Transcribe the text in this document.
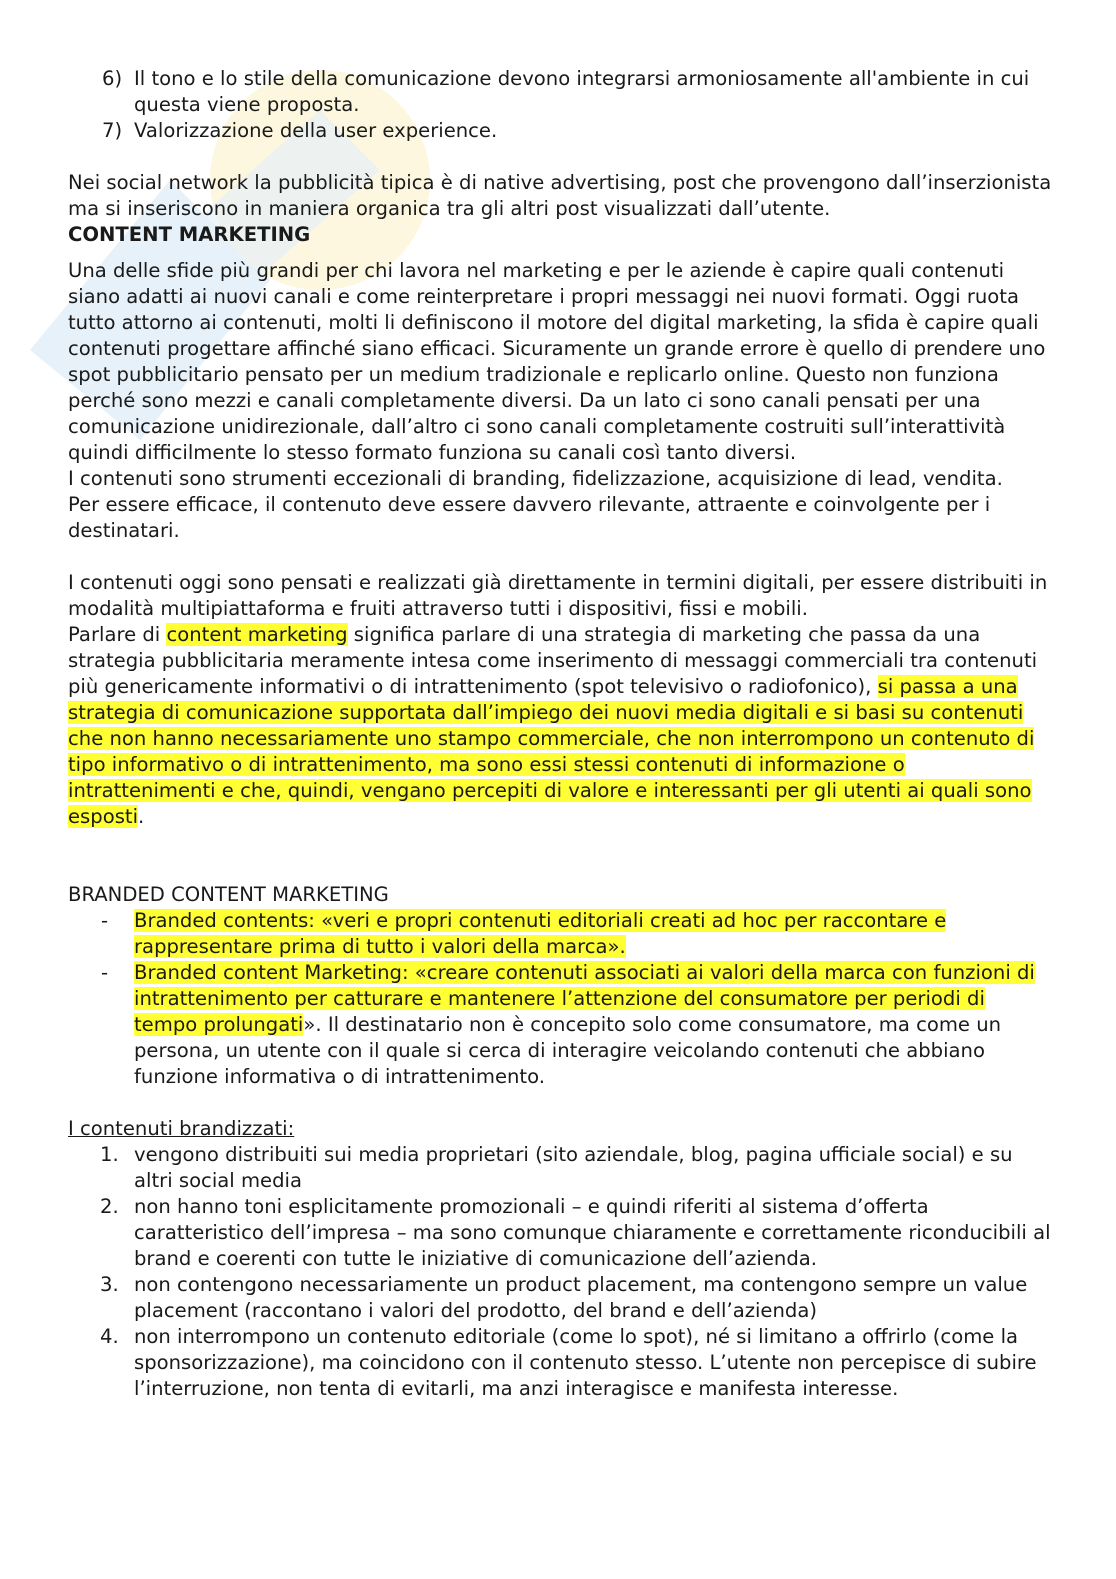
6) Il tono e lo stile della comunicazione devono integrarsi armoniosamente all'ambiente in cui questa viene proposta.
7) Valorizzazione della user experience.

Nei social network la pubblicità tipica è di native advertising, post che provengono dall’inserzionista ma si inseriscono in maniera organica tra gli altri post visualizzati dall’utente.

CONTENT MARKETING

Una delle sfide più grandi per chi lavora nel marketing e per le aziende è capire quali contenuti siano adatti ai nuovi canali e come reinterpretare i propri messaggi nei nuovi formati. Oggi ruota tutto attorno ai contenuti, molti li definiscono il motore del digital marketing, la sfida è capire quali contenuti progettare affinché siano efficaci. Sicuramente un grande errore è quello di prendere uno spot pubblicitario pensato per un medium tradizionale e replicarlo online. Questo non funziona perché sono mezzi e canali completamente diversi. Da un lato ci sono canali pensati per una comunicazione unidirezionale, dall’altro ci sono canali completamente costruiti sull’interattività quindi difficilmente lo stesso formato funziona su canali così tanto diversi.

I contenuti sono strumenti eccezionali di branding, fidelizzazione, acquisizione di lead, vendita.

Per essere efficace, il contenuto deve essere davvero rilevante, attraente e coinvolgente per i destinatari.

I contenuti oggi sono pensati e realizzati già direttamente in termini digitali, per essere distribuiti in modalità multipiattaforma e fruiti attraverso tutti i dispositivi, fissi e mobili.

Parlare di content marketing significa parlare di una strategia di marketing che passa da una strategia pubblicitaria meramente intesa come inserimento di messaggi commerciali tra contenuti più genericamente informativi o di intrattenimento (spot televisivo o radiofonico), si passa a una strategia di comunicazione supportata dall’impiego dei nuovi media digitali e si basi su contenuti che non hanno necessariamente uno stampo commerciale, che non interrompono un contenuto di tipo informativo o di intrattenimento, ma sono essi stessi contenuti di informazione o intrattenimenti e che, quindi, vengano percepiti di valore e interessanti per gli utenti ai quali sono esposti.

BRANDED CONTENT MARKETING

-	Branded contents: «veri e propri contenuti editoriali creati ad hoc per raccontare e rappresentare prima di tutto i valori della marca».
-	Branded content Marketing: «creare contenuti associati ai valori della marca con funzioni di intrattenimento per catturare e mantenere l’attenzione del consumatore per periodi di tempo prolungati». Il destinatario non è concepito solo come consumatore, ma come un persona, un utente con il quale si cerca di interagire veicolando contenuti che abbiano funzione informativa o di intrattenimento.

I contenuti brandizzati:

1. vengono distribuiti sui media proprietari (sito aziendale, blog, pagina ufficiale social) e su altri social media
2. non hanno toni esplicitamente promozionali – e quindi riferiti al sistema d’offerta caratteristico dell’impresa – ma sono comunque chiaramente e correttamente riconducibili al brand e coerenti con tutte le iniziative di comunicazione dell’azienda.
3. non contengono necessariamente un product placement, ma contengono sempre un value placement (raccontano i valori del prodotto, del brand e dell’azienda)
4. non interrompono un contenuto editoriale (come lo spot), né si limitano a offrirlo (come la sponsorizzazione), ma coincidono con il contenuto stesso. L’utente non percepisce di subire l’interruzione, non tenta di evitarli, ma anzi interagisce e manifesta interesse.
